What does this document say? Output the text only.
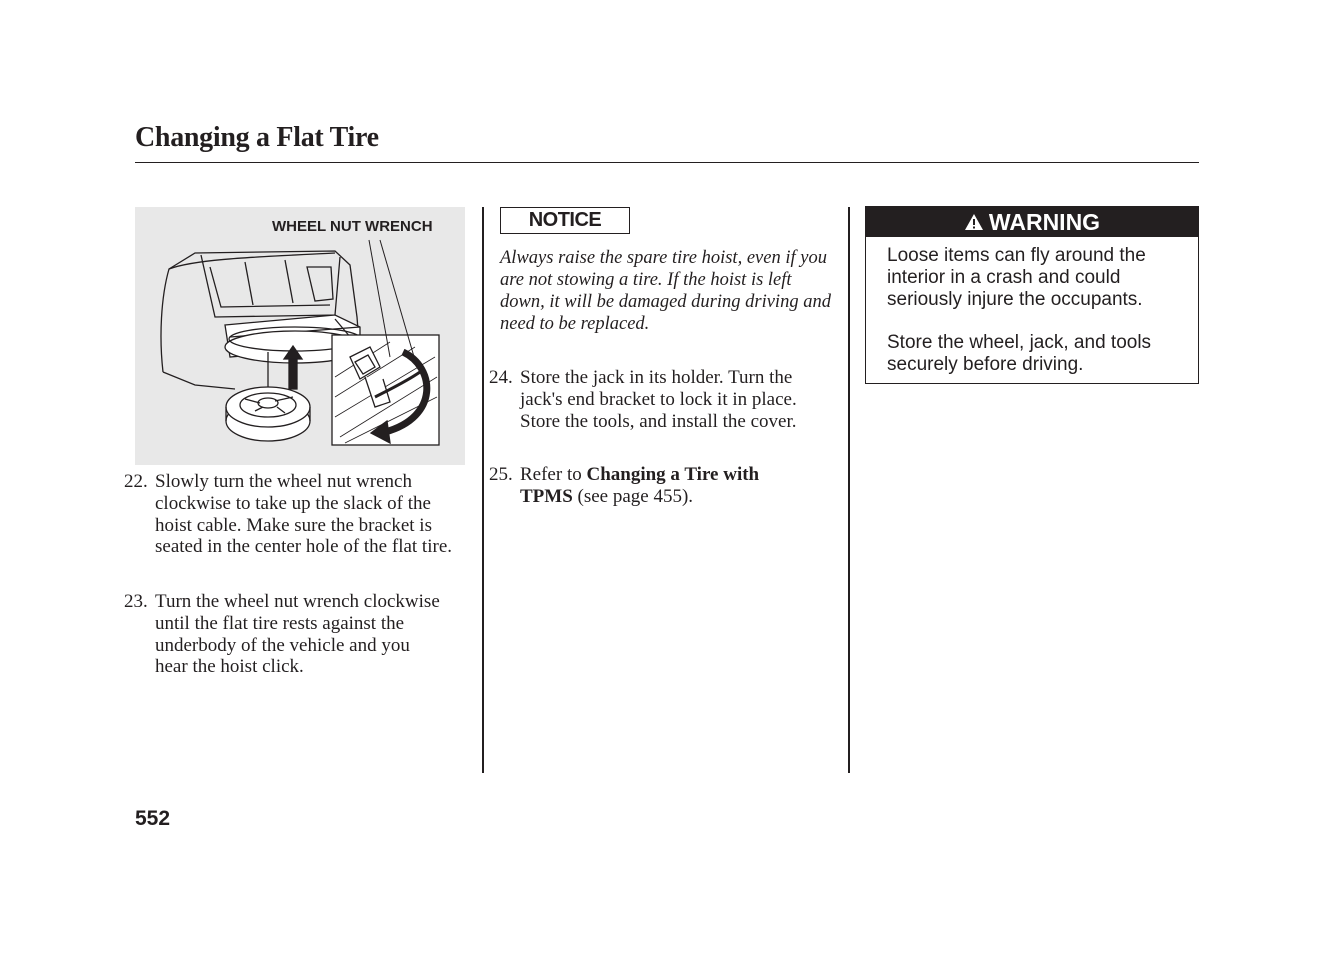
Changing a Flat Tire
WHEEL NUT WRENCH
22. Slowly turn the wheel nut wrench clockwise to take up the slack of the hoist cable. Make sure the bracket is seated in the center hole of the flat tire.
23. Turn the wheel nut wrench clockwise until the flat tire rests against the underbody of the vehicle and you hear the hoist click.
NOTICE
Always raise the spare tire hoist, even if you are not stowing a tire. If the hoist is left down, it will be damaged during driving and need to be replaced.
24. Store the jack in its holder. Turn the jack's end bracket to lock it in place. Store the tools, and install the cover.
25. Refer to Changing a Tire with TPMS (see page 455).
WARNING

Loose items can fly around the interior in a crash and could seriously injure the occupants.

Store the wheel, jack, and tools securely before driving.

552
